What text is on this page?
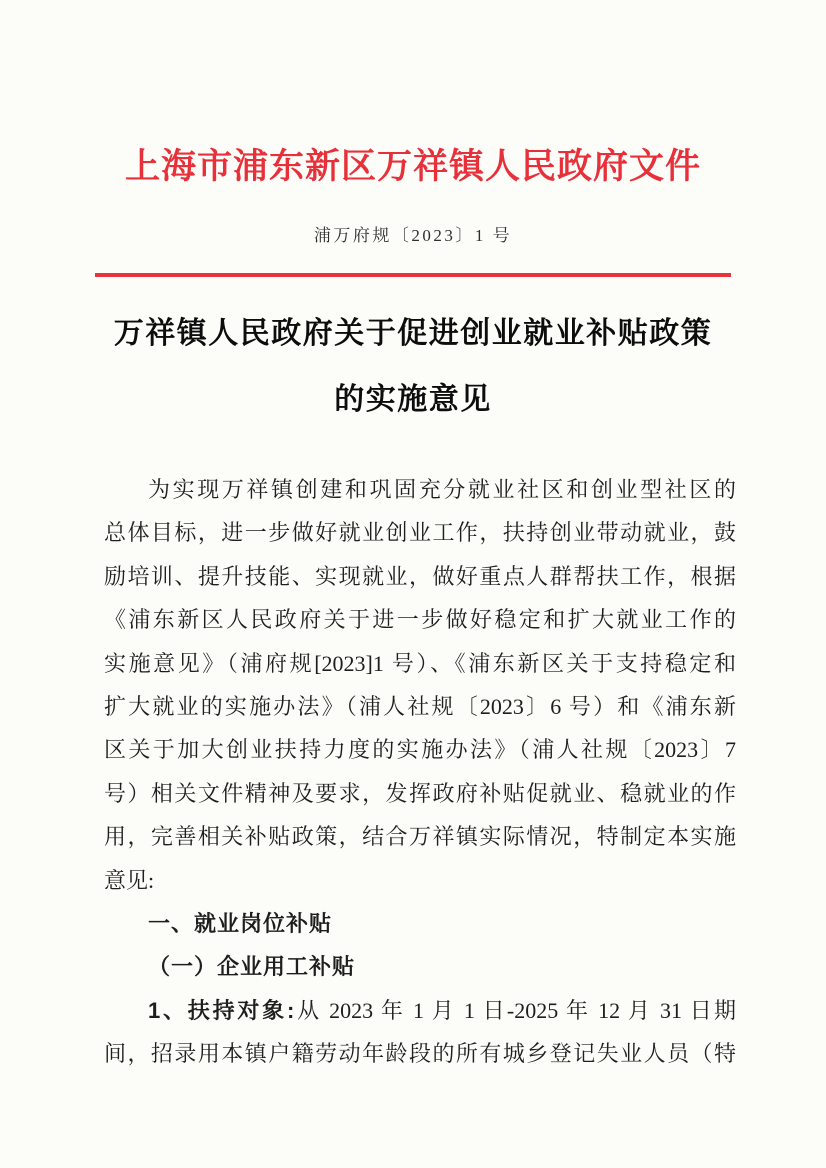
上海市浦东新区万祥镇人民政府文件
浦万府规〔2023〕1 号
万祥镇人民政府关于促进创业就业补贴政策
的实施意见
为实现万祥镇创建和巩固充分就业社区和创业型社区的
总体目标，进一步做好就业创业工作，扶持创业带动就业，鼓
励培训、提升技能、实现就业，做好重点人群帮扶工作，根据
《浦东新区人民政府关于进一步做好稳定和扩大就业工作的
实施意见》（浦府规[2023]1 号）、《浦东新区关于支持稳定和
扩大就业的实施办法》（浦人社规〔2023〕6 号）和《浦东新
区关于加大创业扶持力度的实施办法》（浦人社规〔2023〕7
号）相关文件精神及要求，发挥政府补贴促就业、稳就业的作
用，完善相关补贴政策，结合万祥镇实际情况，特制定本实施
意见:
一、就业岗位补贴
（一）企业用工补贴
1、扶持对象:从 2023 年 1 月 1 日-2025 年 12 月 31 日期
间，招录用本镇户籍劳动年龄段的所有城乡登记失业人员（特
